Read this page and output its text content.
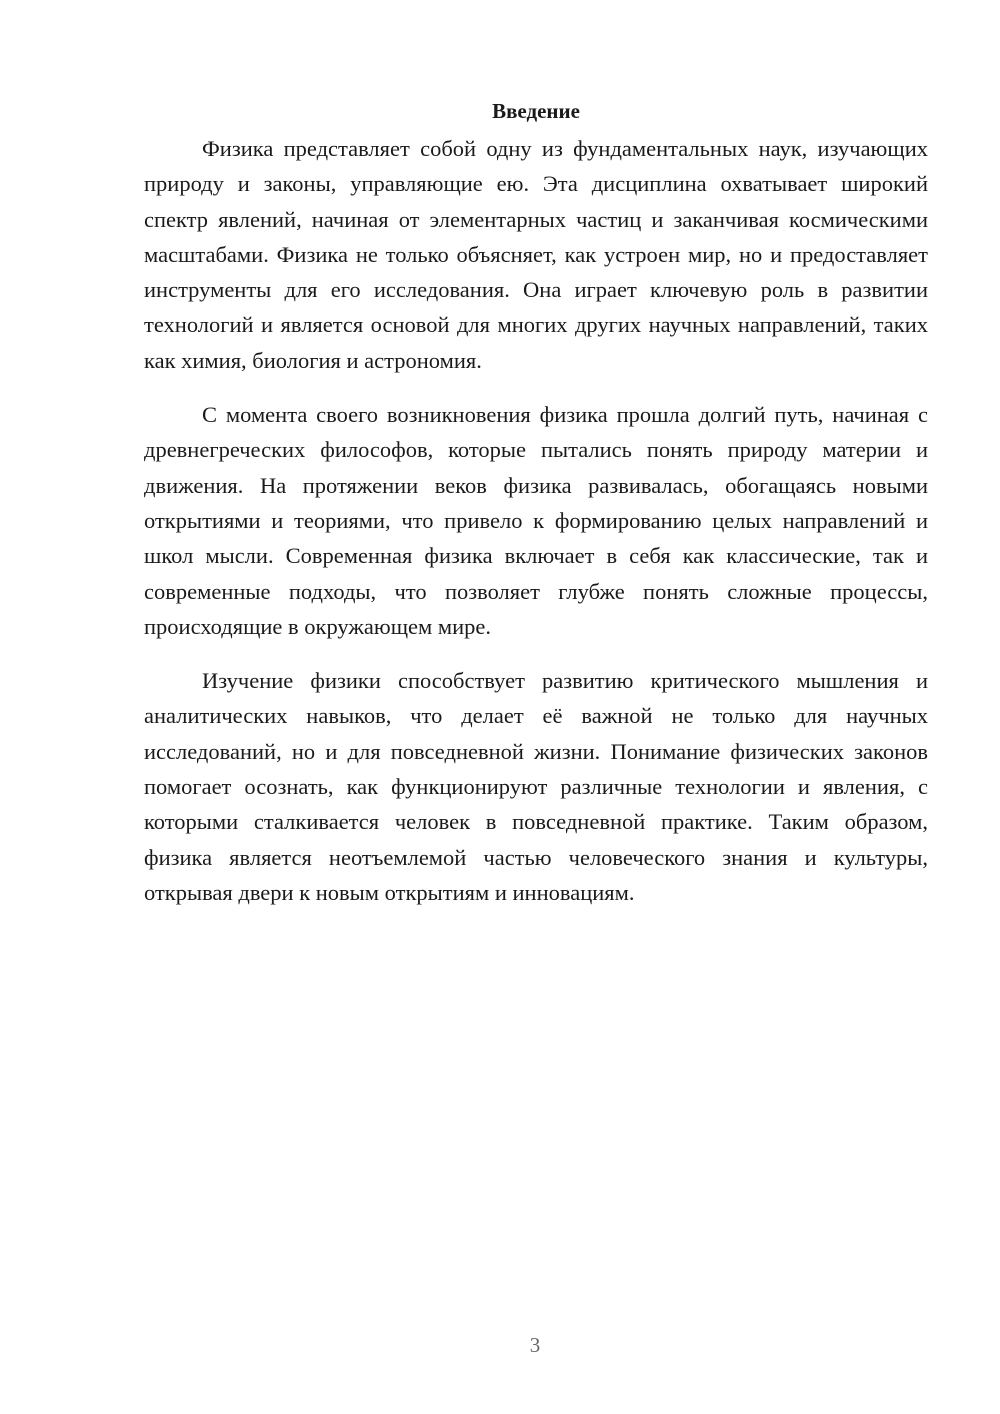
Введение

Физика представляет собой одну из фундаментальных наук, изучающих природу и законы, управляющие ею. Эта дисциплина охватывает широкий спектр явлений, начиная от элементарных частиц и заканчивая космическими масштабами. Физика не только объясняет, как устроен мир, но и предоставляет инструменты для его исследования. Она играет ключевую роль в развитии технологий и является основой для многих других научных направлений, таких как химия, биология и астрономия.

С момента своего возникновения физика прошла долгий путь, начиная с древнегреческих философов, которые пытались понять природу материи и движения. На протяжении веков физика развивалась, обогащаясь новыми открытиями и теориями, что привело к формированию целых направлений и школ мысли. Современная физика включает в себя как классические, так и современные подходы, что позволяет глубже понять сложные процессы, происходящие в окружающем мире.

Изучение физики способствует развитию критического мышления и аналитических навыков, что делает её важной не только для научных исследований, но и для повседневной жизни. Понимание физических законов помогает осознать, как функционируют различные технологии и явления, с которыми сталкивается человек в повседневной практике. Таким образом, физика является неотъемлемой частью человеческого знания и культуры, открывая двери к новым открытиям и инновациям.

3
